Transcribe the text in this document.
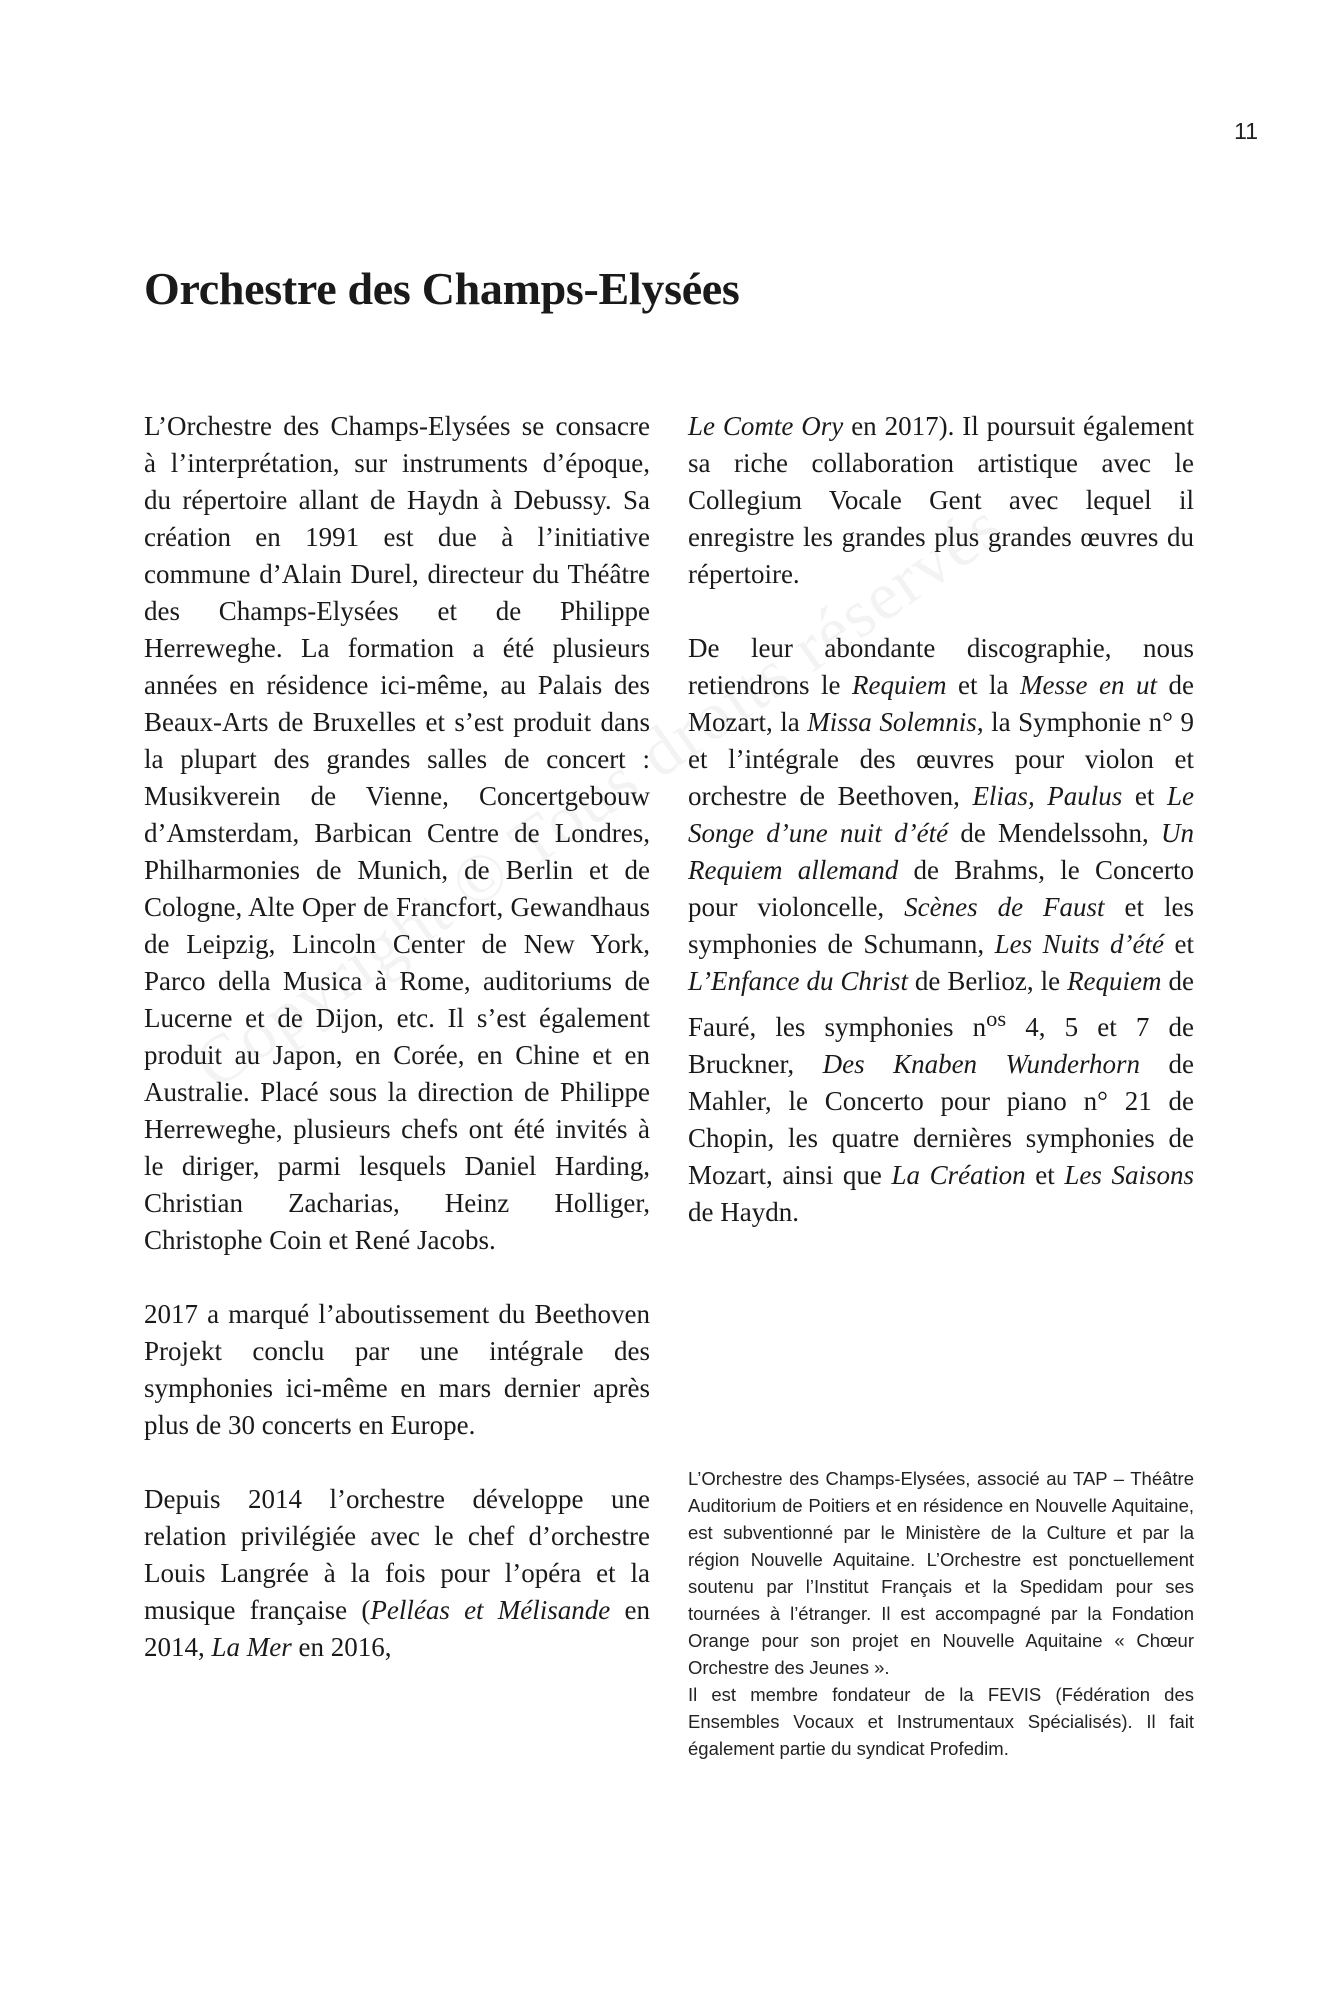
11
Orchestre des Champs-Elysées

L’Orchestre des Champs-Elysées se consacre à l’interprétation, sur instruments d’époque, du répertoire allant de Haydn à Debussy. Sa création en 1991 est due à l’initiative commune d’Alain Durel, directeur du Théâtre des Champs-Elysées et de Philippe Herreweghe. La formation a été plusieurs années en résidence ici-même, au Palais des Beaux-Arts de Bruxelles et s’est produit dans la plupart des grandes salles de concert : Musikverein de Vienne, Concertgebouw d’Amsterdam, Barbican Centre de Londres, Philharmonies de Munich, de Berlin et de Cologne, Alte Oper de Francfort, Gewandhaus de Leipzig, Lincoln Center de New York, Parco della Musica à Rome, auditoriums de Lucerne et de Dijon, etc. Il s’est également produit au Japon, en Corée, en Chine et en Australie. Placé sous la direction de Philippe Herreweghe, plusieurs chefs ont été invités à le diriger, parmi lesquels Daniel Harding, Christian Zacharias, Heinz Holliger, Christophe Coin et René Jacobs.

2017 a marqué l’aboutissement du Beethoven Projekt conclu par une intégrale des symphonies ici-même en mars dernier après plus de 30 concerts en Europe.

Depuis 2014 l’orchestre développe une relation privilégiée avec le chef d’orchestre Louis Langrée à la fois pour l’opéra et la musique française (Pelléas et Mélisande en 2014, La Mer en 2016,

Le Comte Ory en 2017). Il poursuit également sa riche collaboration artistique avec le Collegium Vocale Gent avec lequel il enregistre les grandes plus grandes œuvres du répertoire.

De leur abondante discographie, nous retiendrons le Requiem et la Messe en ut de Mozart, la Missa Solemnis, la Symphonie n° 9 et l’intégrale des œuvres pour violon et orchestre de Beethoven, Elias, Paulus et Le Songe d’une nuit d’été de Mendelssohn, Un Requiem allemand de Brahms, le Concerto pour violoncelle, Scènes de Faust et les symphonies de Schumann, Les Nuits d’été et L’Enfance du Christ de Berlioz, le Requiem de Fauré, les symphonies $n^{os}$ 4, 5 et 7 de Bruckner, Des Knaben Wunderhorn de Mahler, le Concerto pour piano n° 21 de Chopin, les quatre dernières symphonies de Mozart, ainsi que La Création et Les Saisons de Haydn.

L’Orchestre des Champs-Elysées, associé au TAP – Théâtre Auditorium de Poitiers et en résidence en Nouvelle Aquitaine, est subventionné par le Ministère de la Culture et par la région Nouvelle Aquitaine. L’Orchestre est ponctuellement soutenu par l’Institut Français et la Spedidam pour ses tournées à l’étranger. Il est accompagné par la Fondation Orange pour son projet en Nouvelle Aquitaine « Chœur Orchestre des Jeunes ».

Il est membre fondateur de la FEVIS (Fédération des Ensembles Vocaux et Instrumentaux Spécialisés). Il fait également partie du syndicat Profedim.
